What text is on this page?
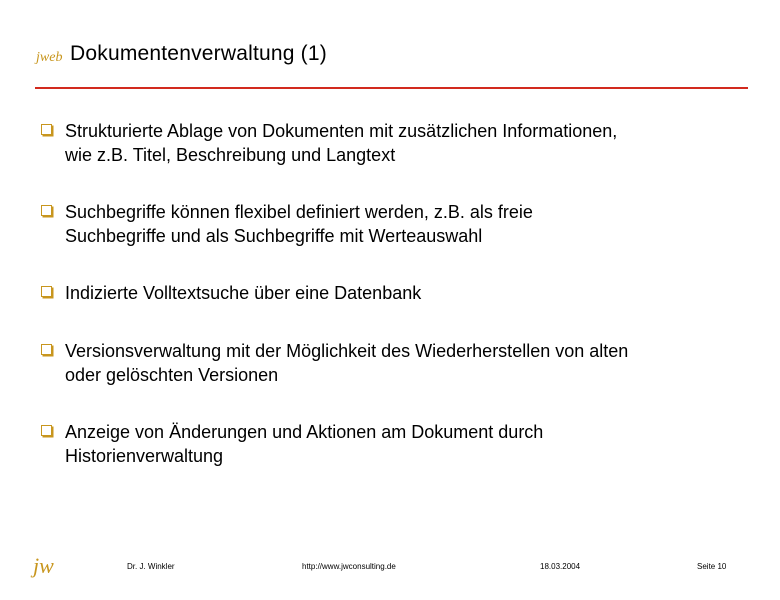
jweb Dokumentenverwaltung (1)
Strukturierte Ablage von Dokumenten mit zusätzlichen Informationen,
wie z.B. Titel, Beschreibung und Langtext
Suchbegriffe können flexibel definiert werden, z.B. als freie
Suchbegriffe und als Suchbegriffe mit Werteauswahl
Indizierte Volltextsuche über eine Datenbank
Versionsverwaltung mit der Möglichkeit des Wiederherstellen von alten
oder gelöschten Versionen
Anzeige von Änderungen und Aktionen am Dokument durch
Historienverwaltung
jw	Dr. J. Winkler	http://www.jwconsulting.de	18.03.2004	Seite 10
